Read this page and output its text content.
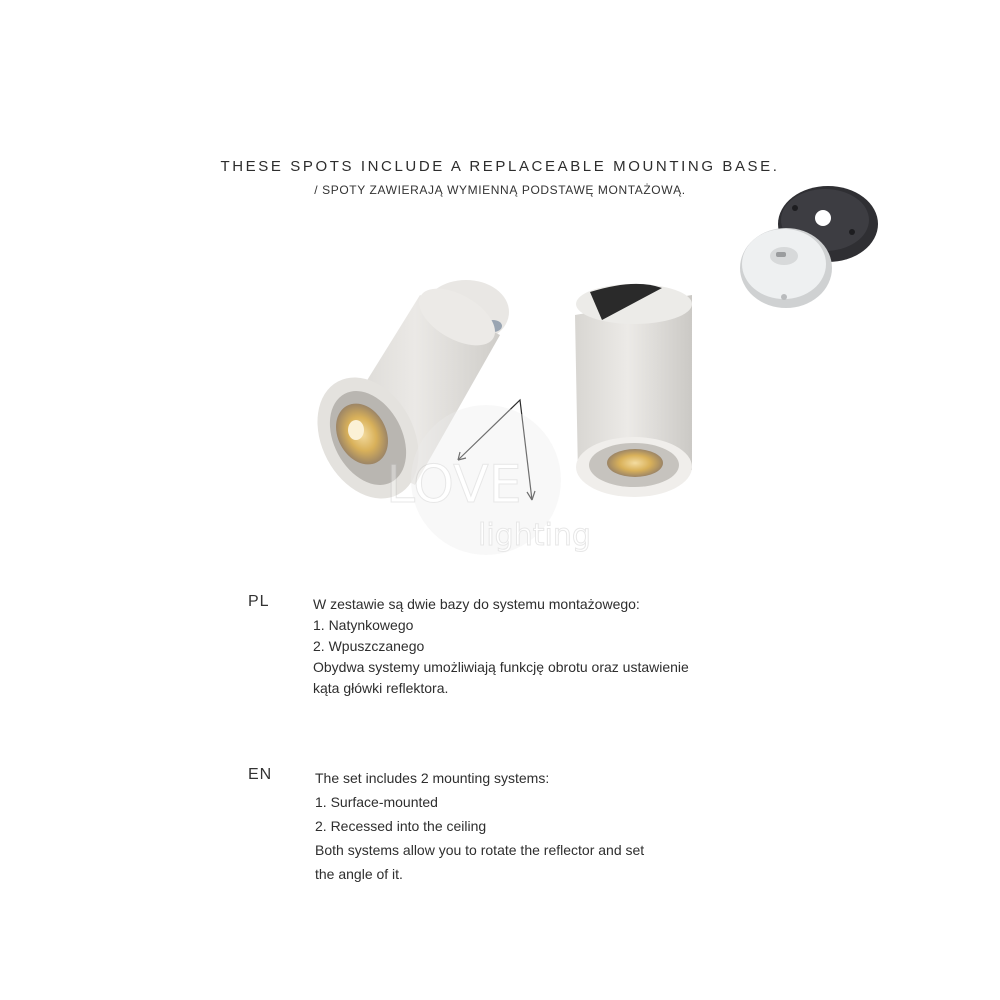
THESE SPOTS INCLUDE A REPLACEABLE MOUNTING BASE.
/ SPOTY ZAWIERAJĄ WYMIENNĄ PODSTAWĘ MONTAŻOWĄ.
LOVE
lighting
PL	W zestawie są dwie bazy do systemu montażowego:
1. Natynkowego
2. Wpuszczanego
Obydwa systemy umożliwiają funkcję obrotu oraz ustawienie
kąta główki reflektora.
EN	The set includes 2 mounting systems:
1. Surface-mounted
2. Recessed into the ceiling
Both systems allow you to rotate the reflector and set
the angle of it.
